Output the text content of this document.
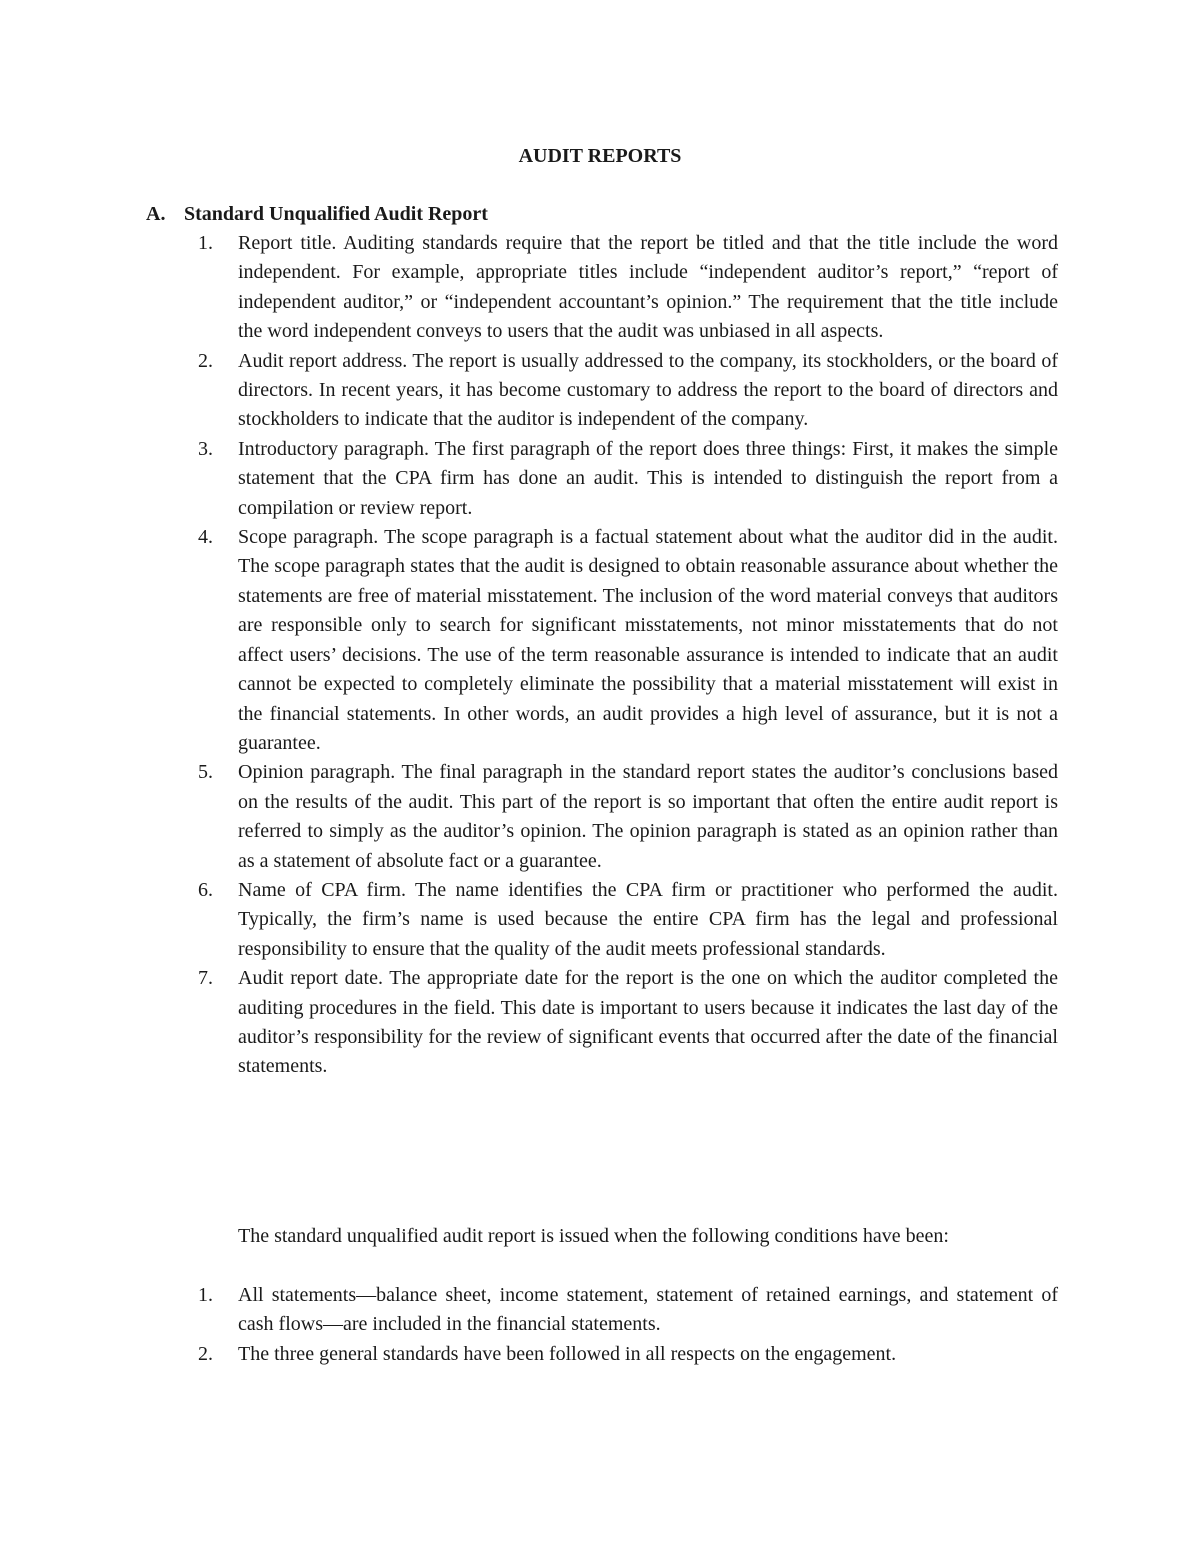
AUDIT REPORTS
A. Standard Unqualified Audit Report
1. Report title. Auditing standards require that the report be titled and that the title include the word independent. For example, appropriate titles include “independent auditor’s report,” “report of independent auditor,” or “independent accountant’s opinion.” The requirement that the title include the word independent conveys to users that the audit was unbiased in all aspects.
2. Audit report address. The report is usually addressed to the company, its stockholders, or the board of directors. In recent years, it has become customary to address the report to the board of directors and stockholders to indicate that the auditor is independent of the company.
3. Introductory paragraph. The first paragraph of the report does three things: First, it makes the simple statement that the CPA firm has done an audit. This is intended to distinguish the report from a compilation or review report.
4. Scope paragraph. The scope paragraph is a factual statement about what the auditor did in the audit. The scope paragraph states that the audit is designed to obtain reasonable assurance about whether the statements are free of material misstatement. The inclusion of the word material conveys that auditors are responsible only to search for significant misstatements, not minor misstatements that do not affect users’ decisions. The use of the term reasonable assurance is intended to indicate that an audit cannot be expected to completely eliminate the possibility that a material misstatement will exist in the financial statements. In other words, an audit provides a high level of assurance, but it is not a guarantee.
5. Opinion paragraph. The final paragraph in the standard report states the auditor’s conclusions based on the results of the audit. This part of the report is so important that often the entire audit report is referred to simply as the auditor’s opinion. The opinion paragraph is stated as an opinion rather than as a statement of absolute fact or a guarantee.
6. Name of CPA firm. The name identifies the CPA firm or practitioner who performed the audit. Typically, the firm’s name is used because the entire CPA firm has the legal and professional responsibility to ensure that the quality of the audit meets professional standards.
7. Audit report date. The appropriate date for the report is the one on which the auditor completed the auditing procedures in the field. This date is important to users because it indicates the last day of the auditor’s responsibility for the review of significant events that occurred after the date of the financial statements.

The standard unqualified audit report is issued when the following conditions have been:

1. All statements—balance sheet, income statement, statement of retained earnings, and statement of cash flows—are included in the financial statements.
2. The three general standards have been followed in all respects on the engagement.
